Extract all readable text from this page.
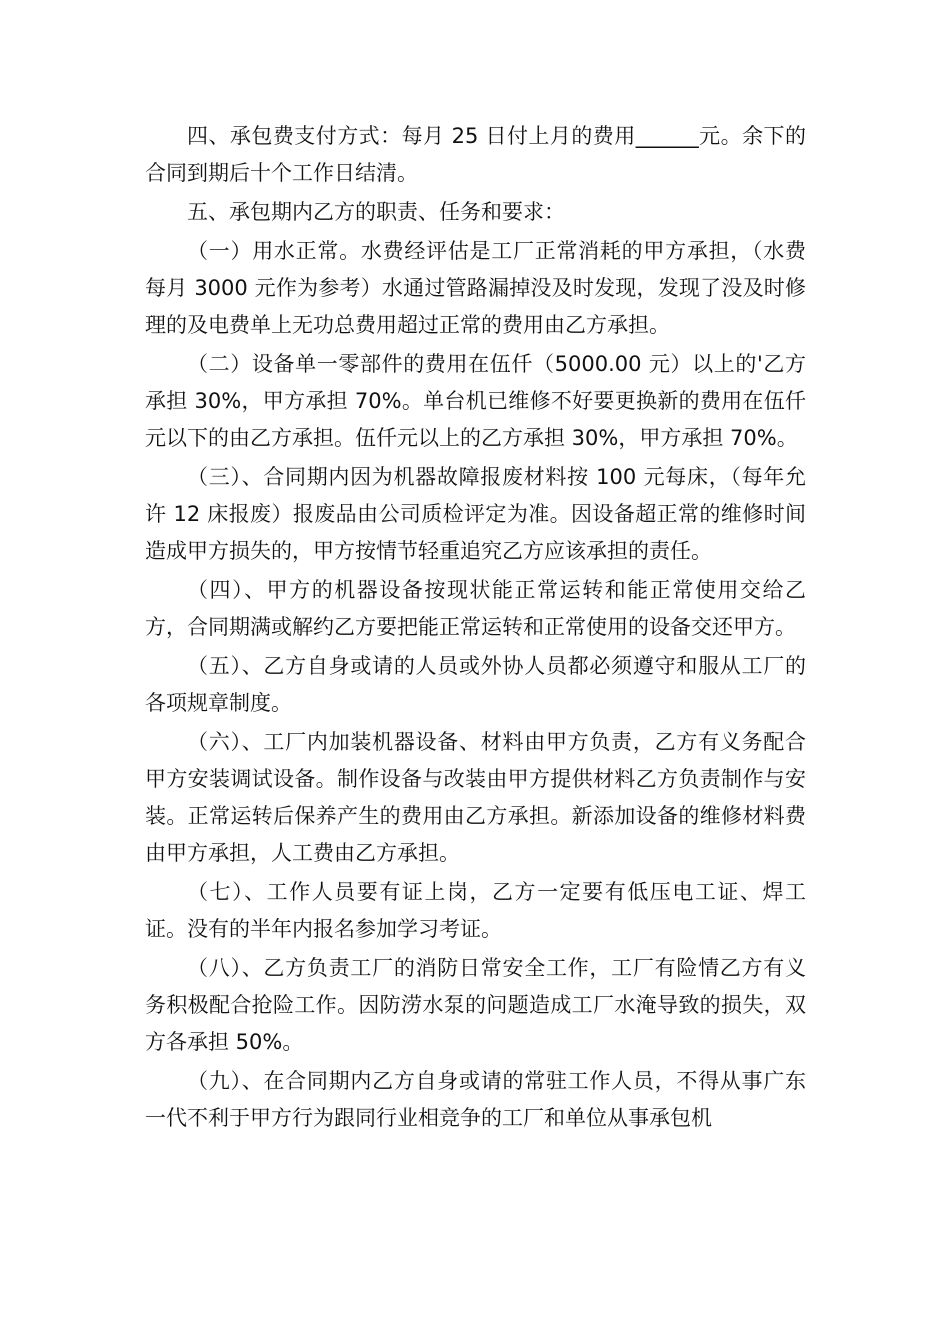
四、承包费支付方式：每月 25 日付上月的费用______元。余下的合同到期后十个工作日结清。

五、承包期内乙方的职责、任务和要求：

（一）用水正常。水费经评估是工厂正常消耗的甲方承担，（水费每月 3000 元作为参考）水通过管路漏掉没及时发现，发现了没及时修理的及电费单上无功总费用超过正常的费用由乙方承担。

（二）设备单一零部件的费用在伍仟（5000.00 元）以上的'乙方承担 30%，甲方承担 70%。单台机已维修不好要更换新的费用在伍仟元以下的由乙方承担。伍仟元以上的乙方承担 30%，甲方承担 70%。

（三）、合同期内因为机器故障报废材料按 100 元每床，（每年允许 12 床报废）报废品由公司质检评定为准。因设备超正常的维修时间造成甲方损失的，甲方按情节轻重追究乙方应该承担的责任。

（四）、甲方的机器设备按现状能正常运转和能正常使用交给乙方，合同期满或解约乙方要把能正常运转和正常使用的设备交还甲方。

（五）、乙方自身或请的人员或外协人员都必须遵守和服从工厂的各项规章制度。

（六）、工厂内加装机器设备、材料由甲方负责，乙方有义务配合甲方安装调试设备。制作设备与改装由甲方提供材料乙方负责制作与安装。正常运转后保养产生的费用由乙方承担。新添加设备的维修材料费由甲方承担，人工费由乙方承担。

（七）、工作人员要有证上岗，乙方一定要有低压电工证、焊工证。没有的半年内报名参加学习考证。

（八）、乙方负责工厂的消防日常安全工作，工厂有险情乙方有义务积极配合抢险工作。因防涝水泵的问题造成工厂水淹导致的损失，双方各承担 50%。

（九）、在合同期内乙方自身或请的常驻工作人员，不得从事广东一代不利于甲方行为跟同行业相竞争的工厂和单位从事承包机
